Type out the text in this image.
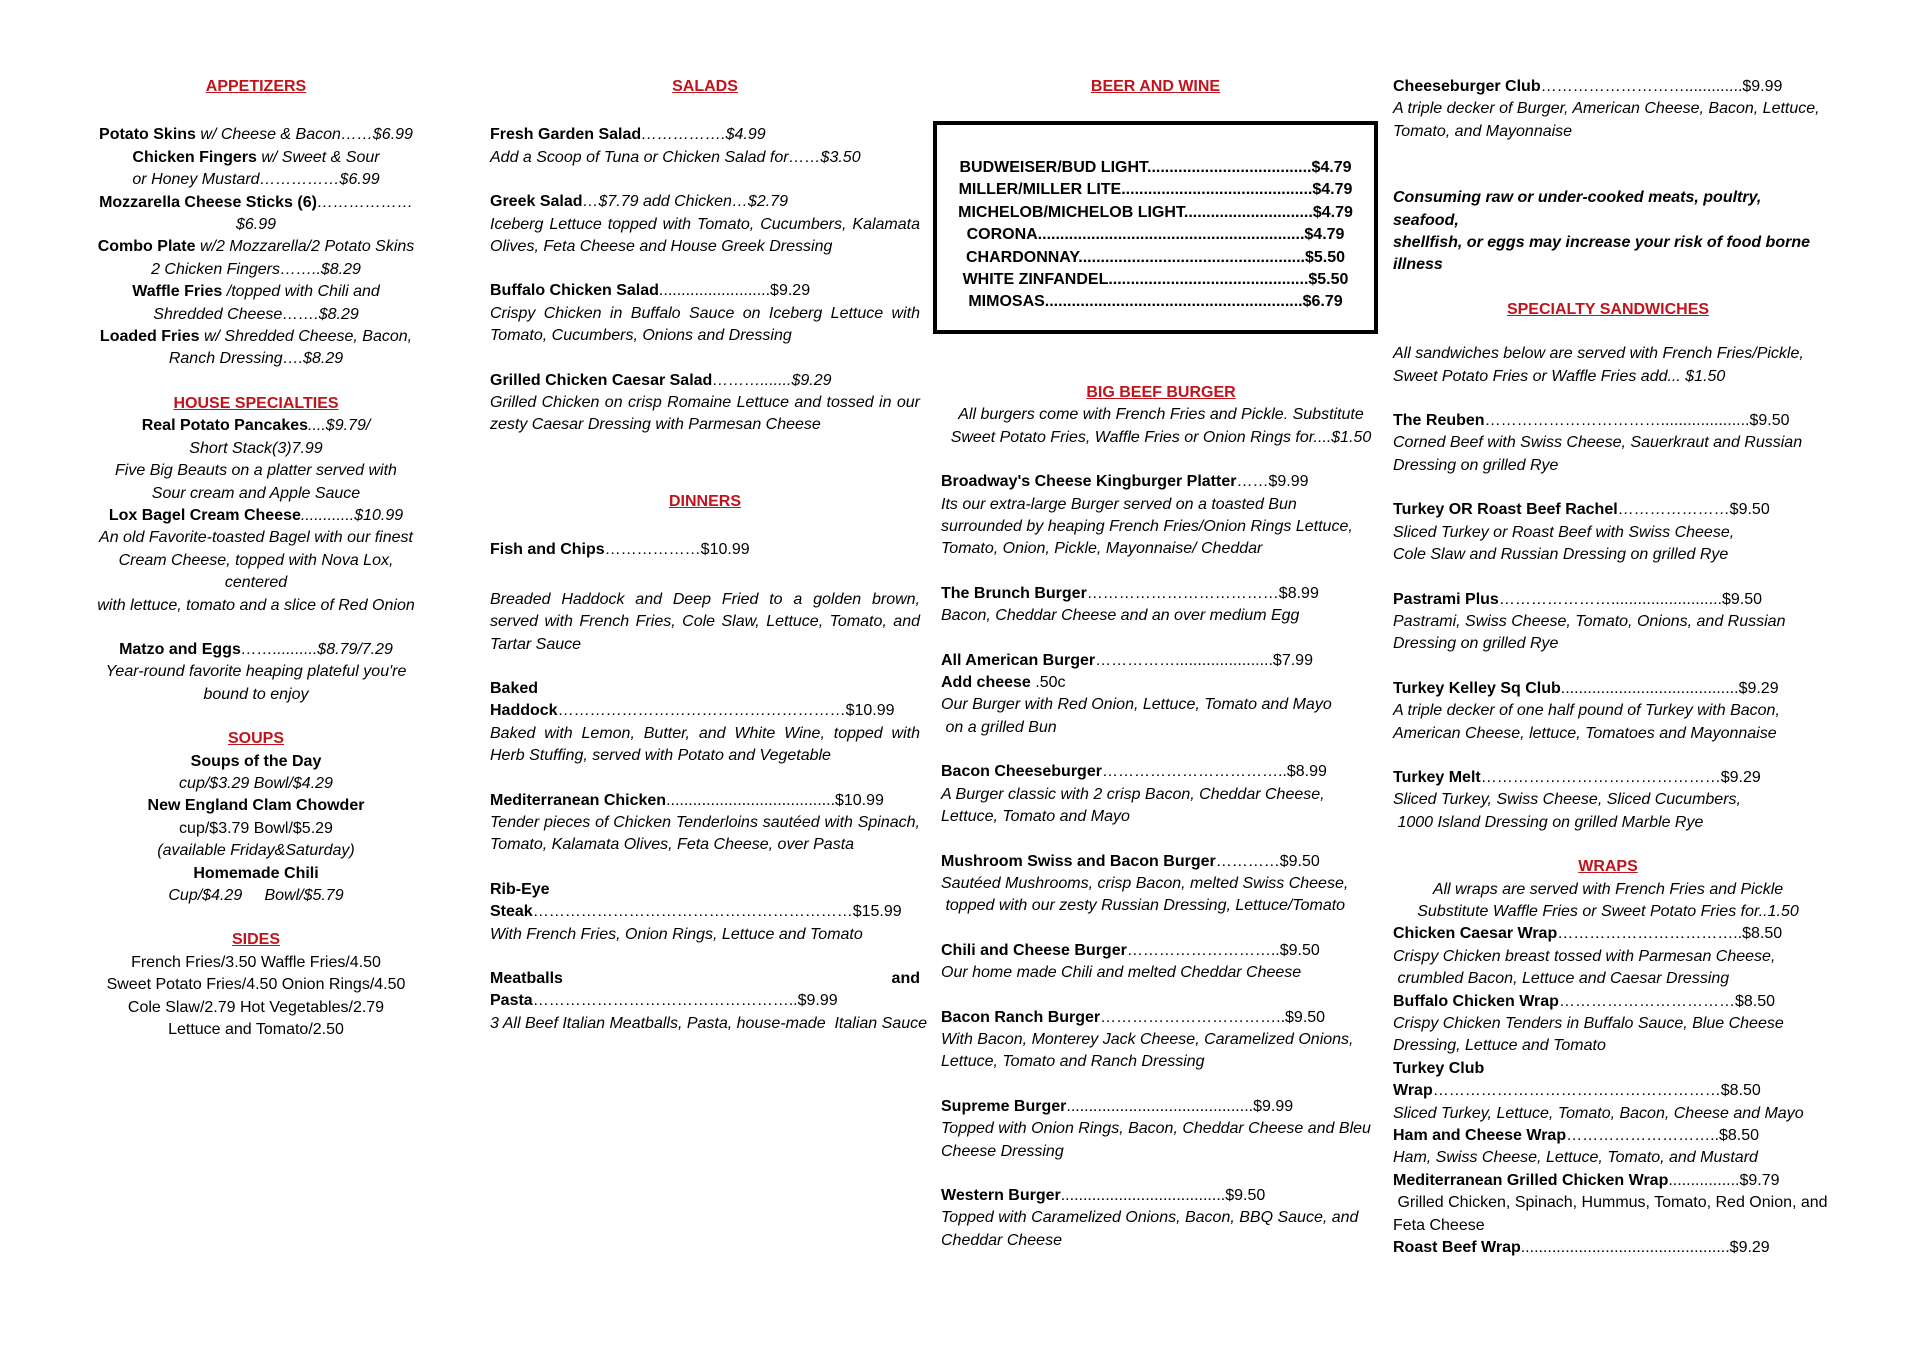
APPETIZERS
Potato Skins w/ Cheese & Bacon……$6.99
Chicken Fingers w/ Sweet & Sour
or Honey Mustard……………$6.99
Mozzarella Cheese Sticks (6)………………$6.99
Combo Plate w/2 Mozzarella/2 Potato Skins
2 Chicken Fingers……..$8.29
Waffle Fries /topped with Chili and
Shredded Cheese…….$8.29
Loaded Fries w/ Shredded Cheese, Bacon,
Ranch Dressing….$8.29
HOUSE SPECIALTIES
Real Potato Pancakes....$9.79/
Short Stack(3)7.99
Five Big Beauts on a platter served with
Sour cream and Apple Sauce
Lox Bagel Cream Cheese............$10.99
An old Favorite-toasted Bagel with our finest
Cream Cheese, topped with Nova Lox, centered
with lettuce, tomato and a slice of Red Onion
Matzo and Eggs……..........$8.79/7.29
Year-round favorite heaping plateful you're
bound to enjoy
SOUPS
Soups of the Day
cup/$3.29 Bowl/$4.29
New England Clam Chowder
cup/$3.79 Bowl/$5.29
(available Friday&Saturday)
Homemade Chili
Cup/$4.29     Bowl/$5.79
SIDES
French Fries/3.50 Waffle Fries/4.50
Sweet Potato Fries/4.50 Onion Rings/4.50
Cole Slaw/2.79 Hot Vegetables/2.79
Lettuce and Tomato/2.50
SALADS
Fresh Garden Salad…………….$4.99
Add a Scoop of Tuna or Chicken Salad for……$3.50
Greek Salad…$7.79 add Chicken…$2.79
Iceberg Lettuce topped with Tomato, Cucumbers, Kalamata Olives, Feta Cheese and House Greek Dressing
Buffalo Chicken Salad.........................$9.29
Crispy Chicken in Buffalo Sauce on Iceberg Lettuce with Tomato, Cucumbers, Onions and Dressing
Grilled Chicken Caesar Salad……….......$9.29
Grilled Chicken on crisp Romaine Lettuce and tossed in our zesty Caesar Dressing with Parmesan Cheese
DINNERS
Fish and Chips………………$10.99
Breaded Haddock and Deep Fried to a golden brown, served with French Fries, Cole Slaw, Lettuce, Tomato, and Tartar Sauce
Baked
Haddock………………………………………………$10.99
Baked with Lemon, Butter, and White Wine, topped with Herb Stuffing, served with Potato and Vegetable
Mediterranean Chicken......................................$10.99
Tender pieces of Chicken Tenderloins sautéed with Spinach, Tomato, Kalamata Olives, Feta Cheese, over Pasta
Rib-Eye
Steak……………………………………………………$15.99
With French Fries, Onion Rings, Lettuce and Tomato
Meatballs	and
Pasta…………………………………………..$9.99
3 All Beef Italian Meatballs, Pasta, house-made  Italian Sauce
BEER AND WINE
BUDWEISER/BUD LIGHT.....................................$4.79
MILLER/MILLER LITE...........................................$4.79
MICHELOB/MICHELOB LIGHT.............................$4.79
CORONA............................................................$4.79
CHARDONNAY...................................................$5.50
WHITE ZINFANDEL.............................................$5.50
MIMOSAS..........................................................$6.79
BIG BEEF BURGER
All burgers come with French Fries and Pickle. Substitute
Sweet Potato Fries, Waffle Fries or Onion Rings for....$1.50
Broadway's Cheese Kingburger Platter……$9.99
Its our extra-large Burger served on a toasted Bun
surrounded by heaping French Fries/Onion Rings Lettuce,
Tomato, Onion, Pickle, Mayonnaise/ Cheddar
The Brunch Burger………………………………$8.99
Bacon, Cheddar Cheese and an over medium Egg
All American Burger……………......................$7.99
Add cheese .50c
Our Burger with Red Onion, Lettuce, Tomato and Mayo
on a grilled Bun
Bacon Cheeseburger……………………………..$8.99
A Burger classic with 2 crisp Bacon, Cheddar Cheese,
Lettuce, Tomato and Mayo
Mushroom Swiss and Bacon Burger…………$9.50
Sautéed Mushrooms, crisp Bacon, melted Swiss Cheese,
topped with our zesty Russian Dressing, Lettuce/Tomato
Chili and Cheese Burger………………………..$9.50
Our home made Chili and melted Cheddar Cheese
Bacon Ranch Burger……………………………..$9.50
With Bacon, Monterey Jack Cheese, Caramelized Onions,
Lettuce, Tomato and Ranch Dressing
Supreme Burger..........................................$9.99
Topped with Onion Rings, Bacon, Cheddar Cheese and Bleu
Cheese Dressing
Western Burger.....................................$9.50
Topped with Caramelized Onions, Bacon, BBQ Sauce, and
Cheddar Cheese
Cheeseburger Club……………………….............$9.99
A triple decker of Burger, American Cheese, Bacon, Lettuce,
Tomato, and Mayonnaise
Consuming raw or under-cooked meats, poultry, seafood,
shellfish, or eggs may increase your risk of food borne
illness
SPECIALTY SANDWICHES
All sandwiches below are served with French Fries/Pickle,
Sweet Potato Fries or Waffle Fries add... $1.50
The Reuben……………………………....................$9.50
Corned Beef with Swiss Cheese, Sauerkraut and Russian
Dressing on grilled Rye
Turkey OR Roast Beef Rachel…………………$9.50
Sliced Turkey or Roast Beef with Swiss Cheese,
Cole Slaw and Russian Dressing on grilled Rye
Pastrami Plus………………….........................$9.50
Pastrami, Swiss Cheese, Tomato, Onions, and Russian
Dressing on grilled Rye
Turkey Kelley Sq Club........................................$9.29
A triple decker of one half pound of Turkey with Bacon,
American Cheese, lettuce, Tomatoes and Mayonnaise
Turkey Melt………………………………………$9.29
Sliced Turkey, Swiss Cheese, Sliced Cucumbers,
1000 Island Dressing on grilled Marble Rye
WRAPS
All wraps are served with French Fries and Pickle
Substitute Waffle Fries or Sweet Potato Fries for..1.50
Chicken Caesar Wrap……………………………..$8.50
Crispy Chicken breast tossed with Parmesan Cheese,
crumbled Bacon, Lettuce and Caesar Dressing
Buffalo Chicken Wrap……………………………$8.50
Crispy Chicken Tenders in Buffalo Sauce, Blue Cheese
Dressing, Lettuce and Tomato
Turkey Club
Wrap………………………………………………$8.50
Sliced Turkey, Lettuce, Tomato, Bacon, Cheese and Mayo
Ham and Cheese Wrap………………………..$8.50
Ham, Swiss Cheese, Lettuce, Tomato, and Mustard
Mediterranean Grilled Chicken Wrap................$9.79
Grilled Chicken, Spinach, Hummus, Tomato, Red Onion, and
Feta Cheese
Roast Beef Wrap...............................................$9.29
